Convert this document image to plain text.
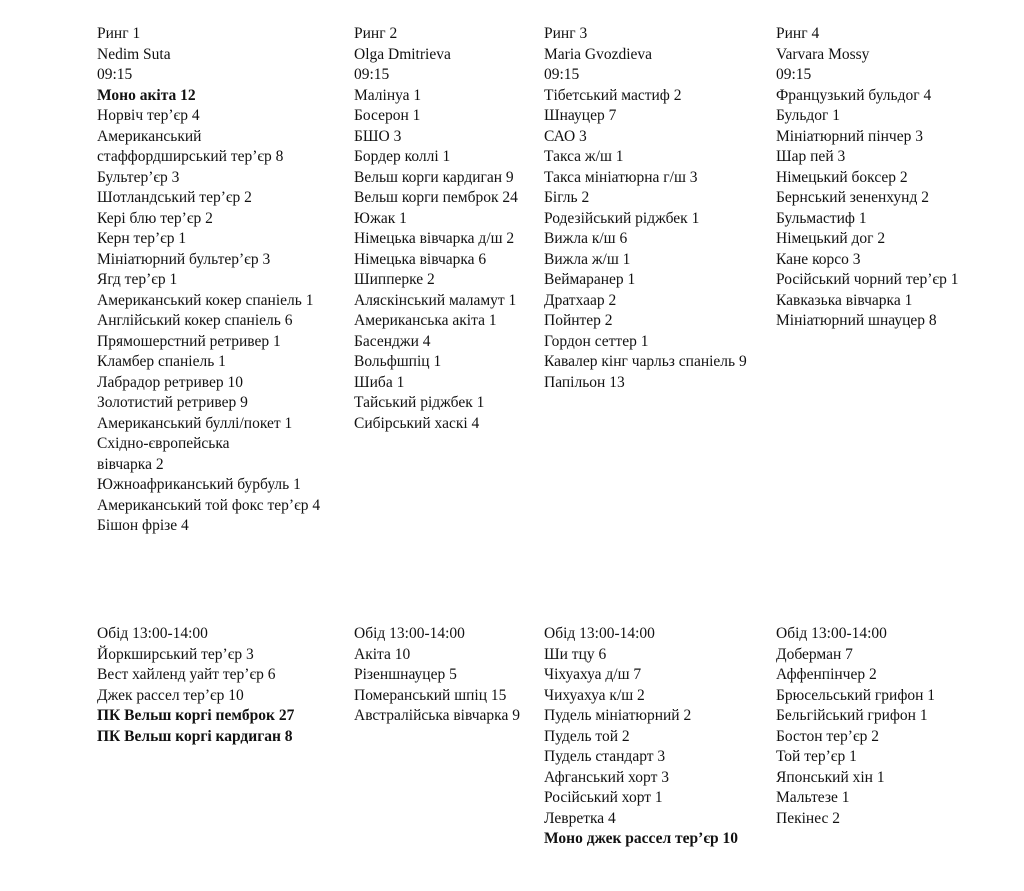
Ринг 1
Nedim Suta
09:15
Моно акіта 12
Норвіч тер’єр 4
Американський
стаффордширський тер’єр 8
Бультер’єр 3
Шотландський тер’єр 2
Кері блю тер’єр 2
Керн тер’єр 1
Мініатюрний бультер’єр 3
Ягд тер’єр 1
Американський кокер спаніель 1
Англійський кокер спаніель 6
Прямошерстний ретривер 1
Кламбер спаніель 1
Лабрадор ретривер 10
Золотистий ретривер 9
Американський буллі/покет 1
Східно-європейська
вівчарка 2
Южноафриканський бурбуль 1
Американський той фокс тер’єр 4
Бішон фрізе 4
Ринг 2
Olga Dmitrieva
09:15
Малінуа 1
Босерон 1
БШО 3
Бордер коллі 1
Вельш корги кардиган 9
Вельш корги пемброк 24
Южак 1
Німецька вівчарка д/ш 2
Німецька вівчарка 6
Шипперке 2
Аляскінський маламут 1
Американська акіта 1
Басенджи 4
Вольфшпіц 1
Шиба 1
Тайський ріджбек 1
Сибірський хаскі 4
Ринг 3
Maria Gvozdieva
09:15
Тібетський мастиф 2
Шнауцер 7
САО 3
Такса ж/ш 1
Такса мініатюрна г/ш 3
Бігль 2
Родезійський ріджбек 1
Вижла к/ш 6
Вижла ж/ш 1
Веймаранер 1
Дратхаар 2
Пойнтер 2
Гордон сеттер 1
Кавалер кінг чарльз спаніель 9
Папільон 13
Ринг 4
Varvara Mossy
09:15
Французький бульдог 4
Бульдог 1
Мініатюрний пінчер 3
Шар пей 3
Німецький боксер 2
Бернський зененхунд 2
Бульмастиф 1
Німецький дог 2
Кане корсо 3
Російський чорний тер’єр 1
Кавказька вівчарка 1
Мініатюрний шнауцер 8
Обід 13:00-14:00
Йоркширський тер’єр 3
Вест хайленд уайт тер’єр 6
Джек рассел тер’єр 10
ПК Вельш коргі пемброк 27
ПК Вельш коргі кардиган 8
Обід 13:00-14:00
Акіта 10
Різеншнауцер 5
Померанський шпіц 15
Австралійська вівчарка 9
Обід 13:00-14:00
Ши тцу 6
Чіхуахуа д/ш 7
Чихуахуа к/ш 2
Пудель мініатюрний 2
Пудель той 2
Пудель стандарт 3
Афганський хорт 3
Російський хорт 1
Левретка 4
Моно джек рассел тер’єр 10
Обід 13:00-14:00
Доберман 7
Аффенпінчер 2
Брюсельський грифон 1
Бельгійський грифон 1
Бостон тер’єр 2
Той тер’єр 1
Японський хін 1
Мальтезе 1
Пекінес 2
